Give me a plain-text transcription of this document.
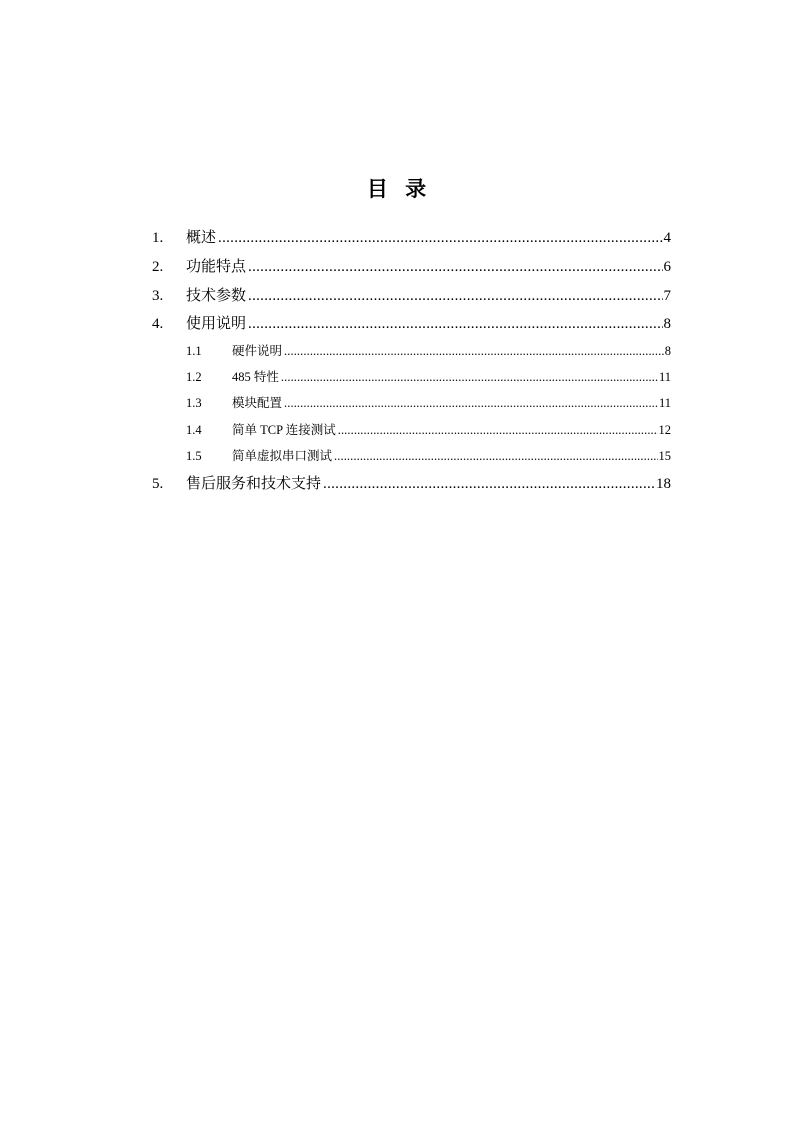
目 录
1.	概述 .....	4
2.	功能特点 .....	6
3.	技术参数 .....	7
4.	使用说明 .....	8
1.1	硬件说明 .....	8
1.2	485 特性 .....	11
1.3	模块配置 .....	11
1.4	简单 TCP 连接测试 .....	12
1.5	简单虚拟串口测试 .....	15
5.	售后服务和技术支持 .....	18
